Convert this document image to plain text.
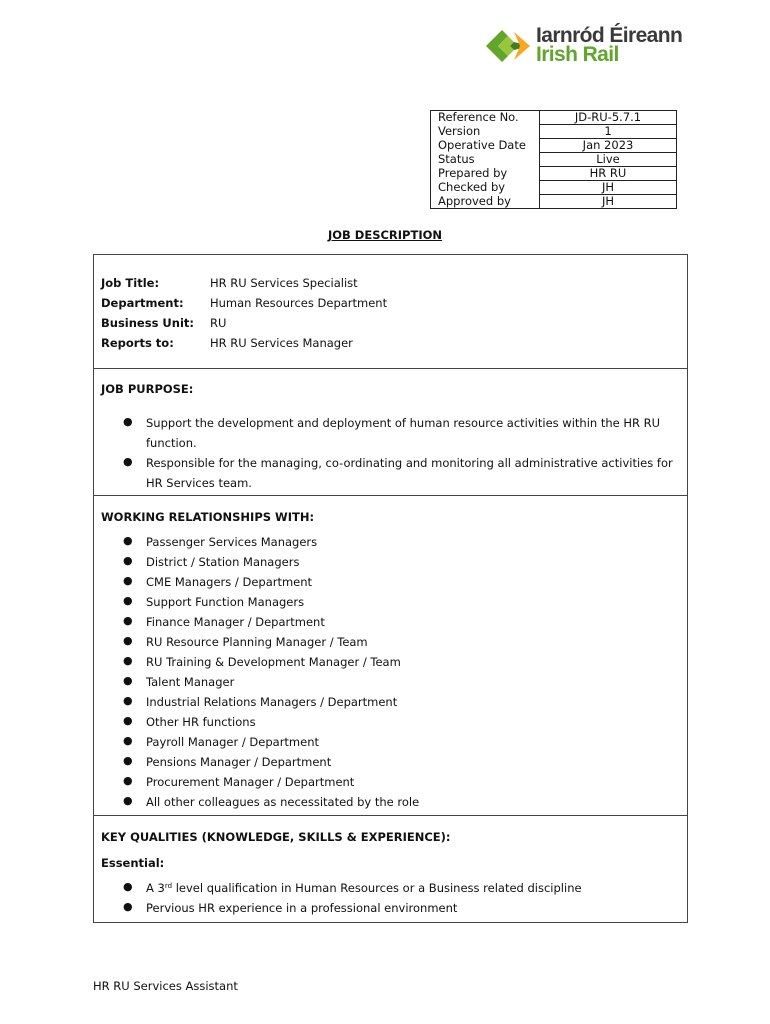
Iarnród Éireann
Irish Rail
Reference No.	JD-RU-5.7.1
Version	1
Operative Date	Jan 2023
Status	Live
Prepared by	HR RU
Checked by	JH
Approved by	JH
JOB DESCRIPTION
Job Title:	HR RU Services Specialist
Department: Human Resources Department
Business Unit: RU
Reports to:	HR RU Services Manager
JOB PURPOSE:
● Support the development and deployment of human resource activities within the HR RU function.
● Responsible for the managing, co-ordinating and monitoring all administrative activities for HR Services team.
WORKING RELATIONSHIPS WITH:
● Passenger Services Managers
● District / Station Managers
● CME Managers / Department
● Support Function Managers
● Finance Manager / Department
● RU Resource Planning Manager / Team
● RU Training & Development Manager / Team
● Talent Manager
● Industrial Relations Managers / Department
● Other HR functions
● Payroll Manager / Department
● Pensions Manager / Department
● Procurement Manager / Department
● All other colleagues as necessitated by the role
KEY QUALITIES (KNOWLEDGE, SKILLS & EXPERIENCE):
Essential:
● A 3rd level qualification in Human Resources or a Business related discipline
● Pervious HR experience in a professional environment
HR RU Services Assistant
